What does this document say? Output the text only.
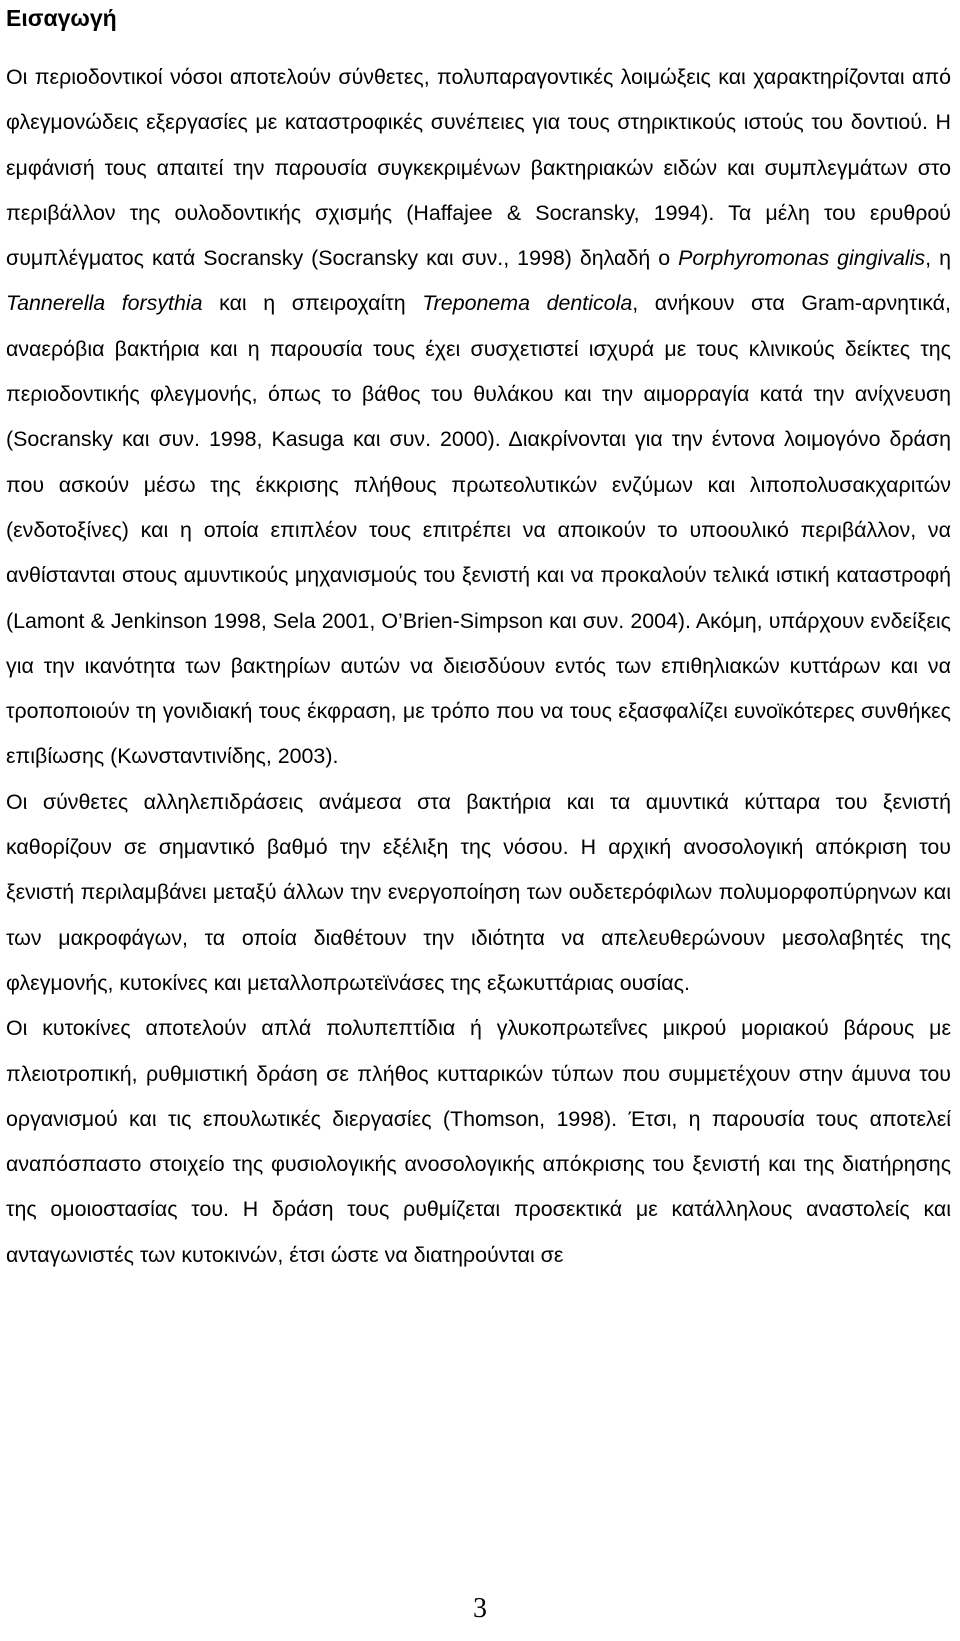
Εισαγωγή

Οι περιοδοντικοί νόσοι αποτελούν σύνθετες, πολυπαραγοντικές λοιμώξεις και χαρακτηρίζονται από φλεγμονώδεις εξεργασίες με καταστροφικές συνέπειες για τους στηρικτικούς ιστούς του δοντιού. Η εμφάνισή τους απαιτεί την παρουσία συγκεκριμένων βακτηριακών ειδών και συμπλεγμάτων στο περιβάλλον της ουλοδοντικής σχισμής (Haffajee & Socransky, 1994). Τα μέλη του ερυθρού συμπλέγματος κατά Socransky (Socransky και συν., 1998) δηλαδή ο Porphyromonas gingivalis, η Tannerella forsythia και η σπειροχαίτη Treponema denticola, ανήκουν στα Gram-αρνητικά, αναερόβια βακτήρια και η παρουσία τους έχει συσχετιστεί ισχυρά με τους κλινικούς δείκτες της περιοδοντικής φλεγμονής, όπως το βάθος του θυλάκου και την αιμορραγία κατά την ανίχνευση (Socransky και συν. 1998, Kasuga και συν. 2000). Διακρίνονται για την έντονα λοιμογόνο δράση που ασκούν μέσω της έκκρισης πλήθους πρωτεολυτικών ενζύμων και λιποπολυσακχαριτών (ενδοτοξίνες) και η οποία επιπλέον τους επιτρέπει να αποικούν το υποουλικό περιβάλλον, να ανθίστανται στους αμυντικούς μηχανισμούς του ξενιστή και να προκαλούν τελικά ιστική καταστροφή (Lamont & Jenkinson 1998, Sela 2001, O’Brien-Simpson και συν. 2004). Ακόμη, υπάρχουν ενδείξεις για την ικανότητα των βακτηρίων αυτών να διεισδύουν εντός των επιθηλιακών κυττάρων και να τροποποιούν τη γονιδιακή τους έκφραση, με τρόπο που να τους εξασφαλίζει ευνοϊκότερες συνθήκες επιβίωσης (Κωνσταντινίδης, 2003).

Οι σύνθετες αλληλεπιδράσεις ανάμεσα στα βακτήρια και τα αμυντικά κύτταρα του ξενιστή καθορίζουν σε σημαντικό βαθμό την εξέλιξη της νόσου. Η αρχική ανοσολογική απόκριση του ξενιστή περιλαμβάνει μεταξύ άλλων την ενεργοποίηση των ουδετερόφιλων πολυμορφοπύρηνων και των μακροφάγων, τα οποία διαθέτουν την ιδιότητα να απελευθερώνουν μεσολαβητές της φλεγμονής, κυτοκίνες και μεταλλοπρωτεϊνάσες της εξωκυττάριας ουσίας.

Οι κυτοκίνες αποτελούν απλά πολυπεπτίδια ή γλυκοπρωτεΐνες μικρού μοριακού βάρους με πλειοτροπική, ρυθμιστική δράση σε πλήθος κυτταρικών τύπων που συμμετέχουν στην άμυνα του οργανισμού και τις επουλωτικές διεργασίες (Thomson, 1998). Έτσι, η παρουσία τους αποτελεί αναπόσπαστο στοιχείο της φυσιολογικής ανοσολογικής απόκρισης του ξενιστή και της διατήρησης της ομοιοστασίας του. Η δράση τους ρυθμίζεται προσεκτικά με κατάλληλους αναστολείς και ανταγωνιστές των κυτοκινών, έτσι ώστε να διατηρούνται σε

3
